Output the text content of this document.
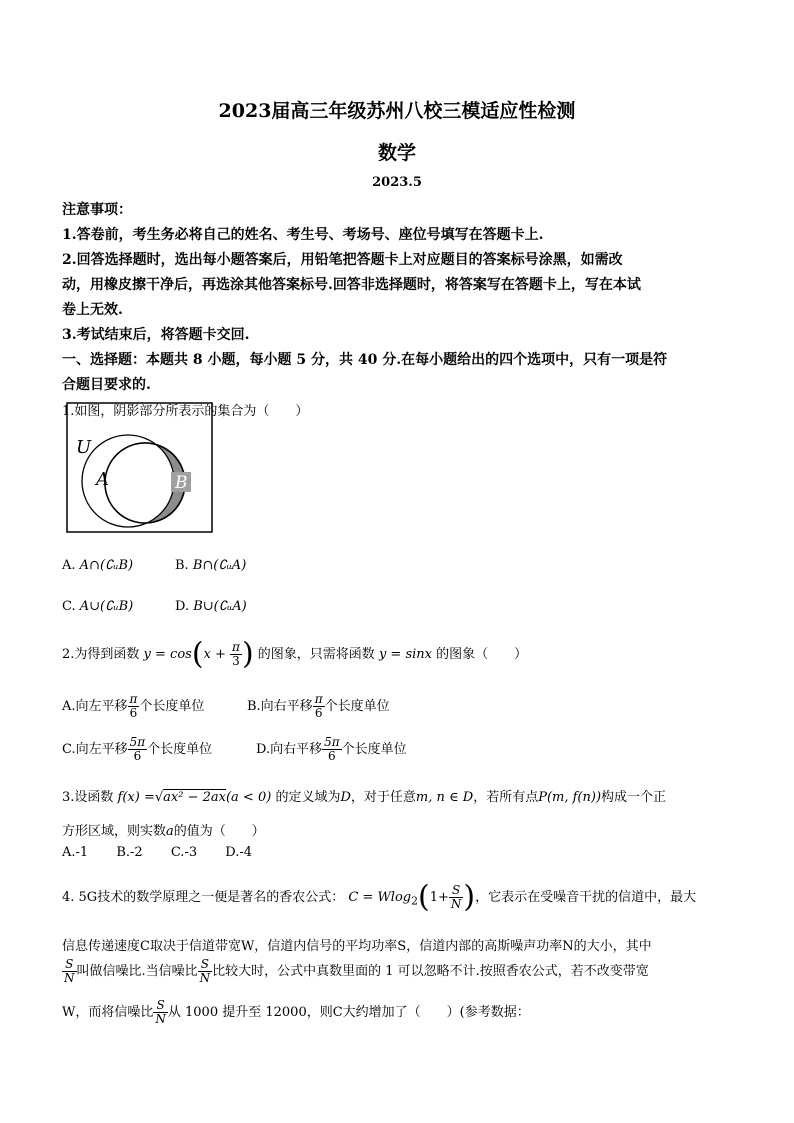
2023届高三年级苏州八校三模适应性检测
数学
2023.5
注意事项：
1.答卷前，考生务必将自己的姓名、考生号、考场号、座位号填写在答题卡上.
2.回答选择题时，选出每小题答案后，用铅笔把答题卡上对应题目的答案标号涂黑，如需改
动，用橡皮擦干净后，再选涂其他答案标号.回答非选择题时，将答案写在答题卡上，写在本试
卷上无效.
3.考试结束后，将答题卡交回.
一、选择题：本题共 8 小题，每小题 5 分，共 40 分.在每小题给出的四个选项中，只有一项是符
合题目要求的.
1.如图，阴影部分所表示的集合为（　　）
U
A	B
A. A∩(∁ᵤB)	B. B∩(∁ᵤA)
C. A∪(∁ᵤB)	D. B∪(∁ᵤA)
2.为得到函数 $y = \cos(x + \frac{\pi}{3}$ ) 的图象，只需将函数 y = sinx 的图象（　　）
A.向左平移 $\frac{\pi}{6}$ 个长度单位	B.向右平移 $\frac{\pi}{6}$ 个长度单位
C.向左平移 $\frac{5\pi}{6}$ 个长度单位	D.向右平移 $\frac{5\pi}{6}$ 个长度单位
3.设函数 f(x) =√ax² − 2ax(a < 0) 的定义域为D，对于任意m, n ∈ D，若所有点P(m, f(n))构成一个正
方形区域，则实数a的值为（　　）
A.-1 B.-2 C.-3 D.-4
4. 5G技术的数学原理之一便是著名的香农公式： $C = Wlog_2(1+ \frac{S}{N}$ )，它表示在受噪音干扰的信道中，最大
信息传递速度C取决于信道带宽W，信道内信号的平均功率S，信道内部的高斯噪声功率N的大小，其中
$\frac{S}{N}$ 叫做信噪比.当信噪比 $\frac{S}{N}$ 比较大时，公式中真数里面的 1 可以忽略不计.按照香农公式，若不改变带宽
W，而将信噪比 $\frac{S}{N}$ 从 1000 提升至 12000，则C大约增加了（　　）(参考数据：
